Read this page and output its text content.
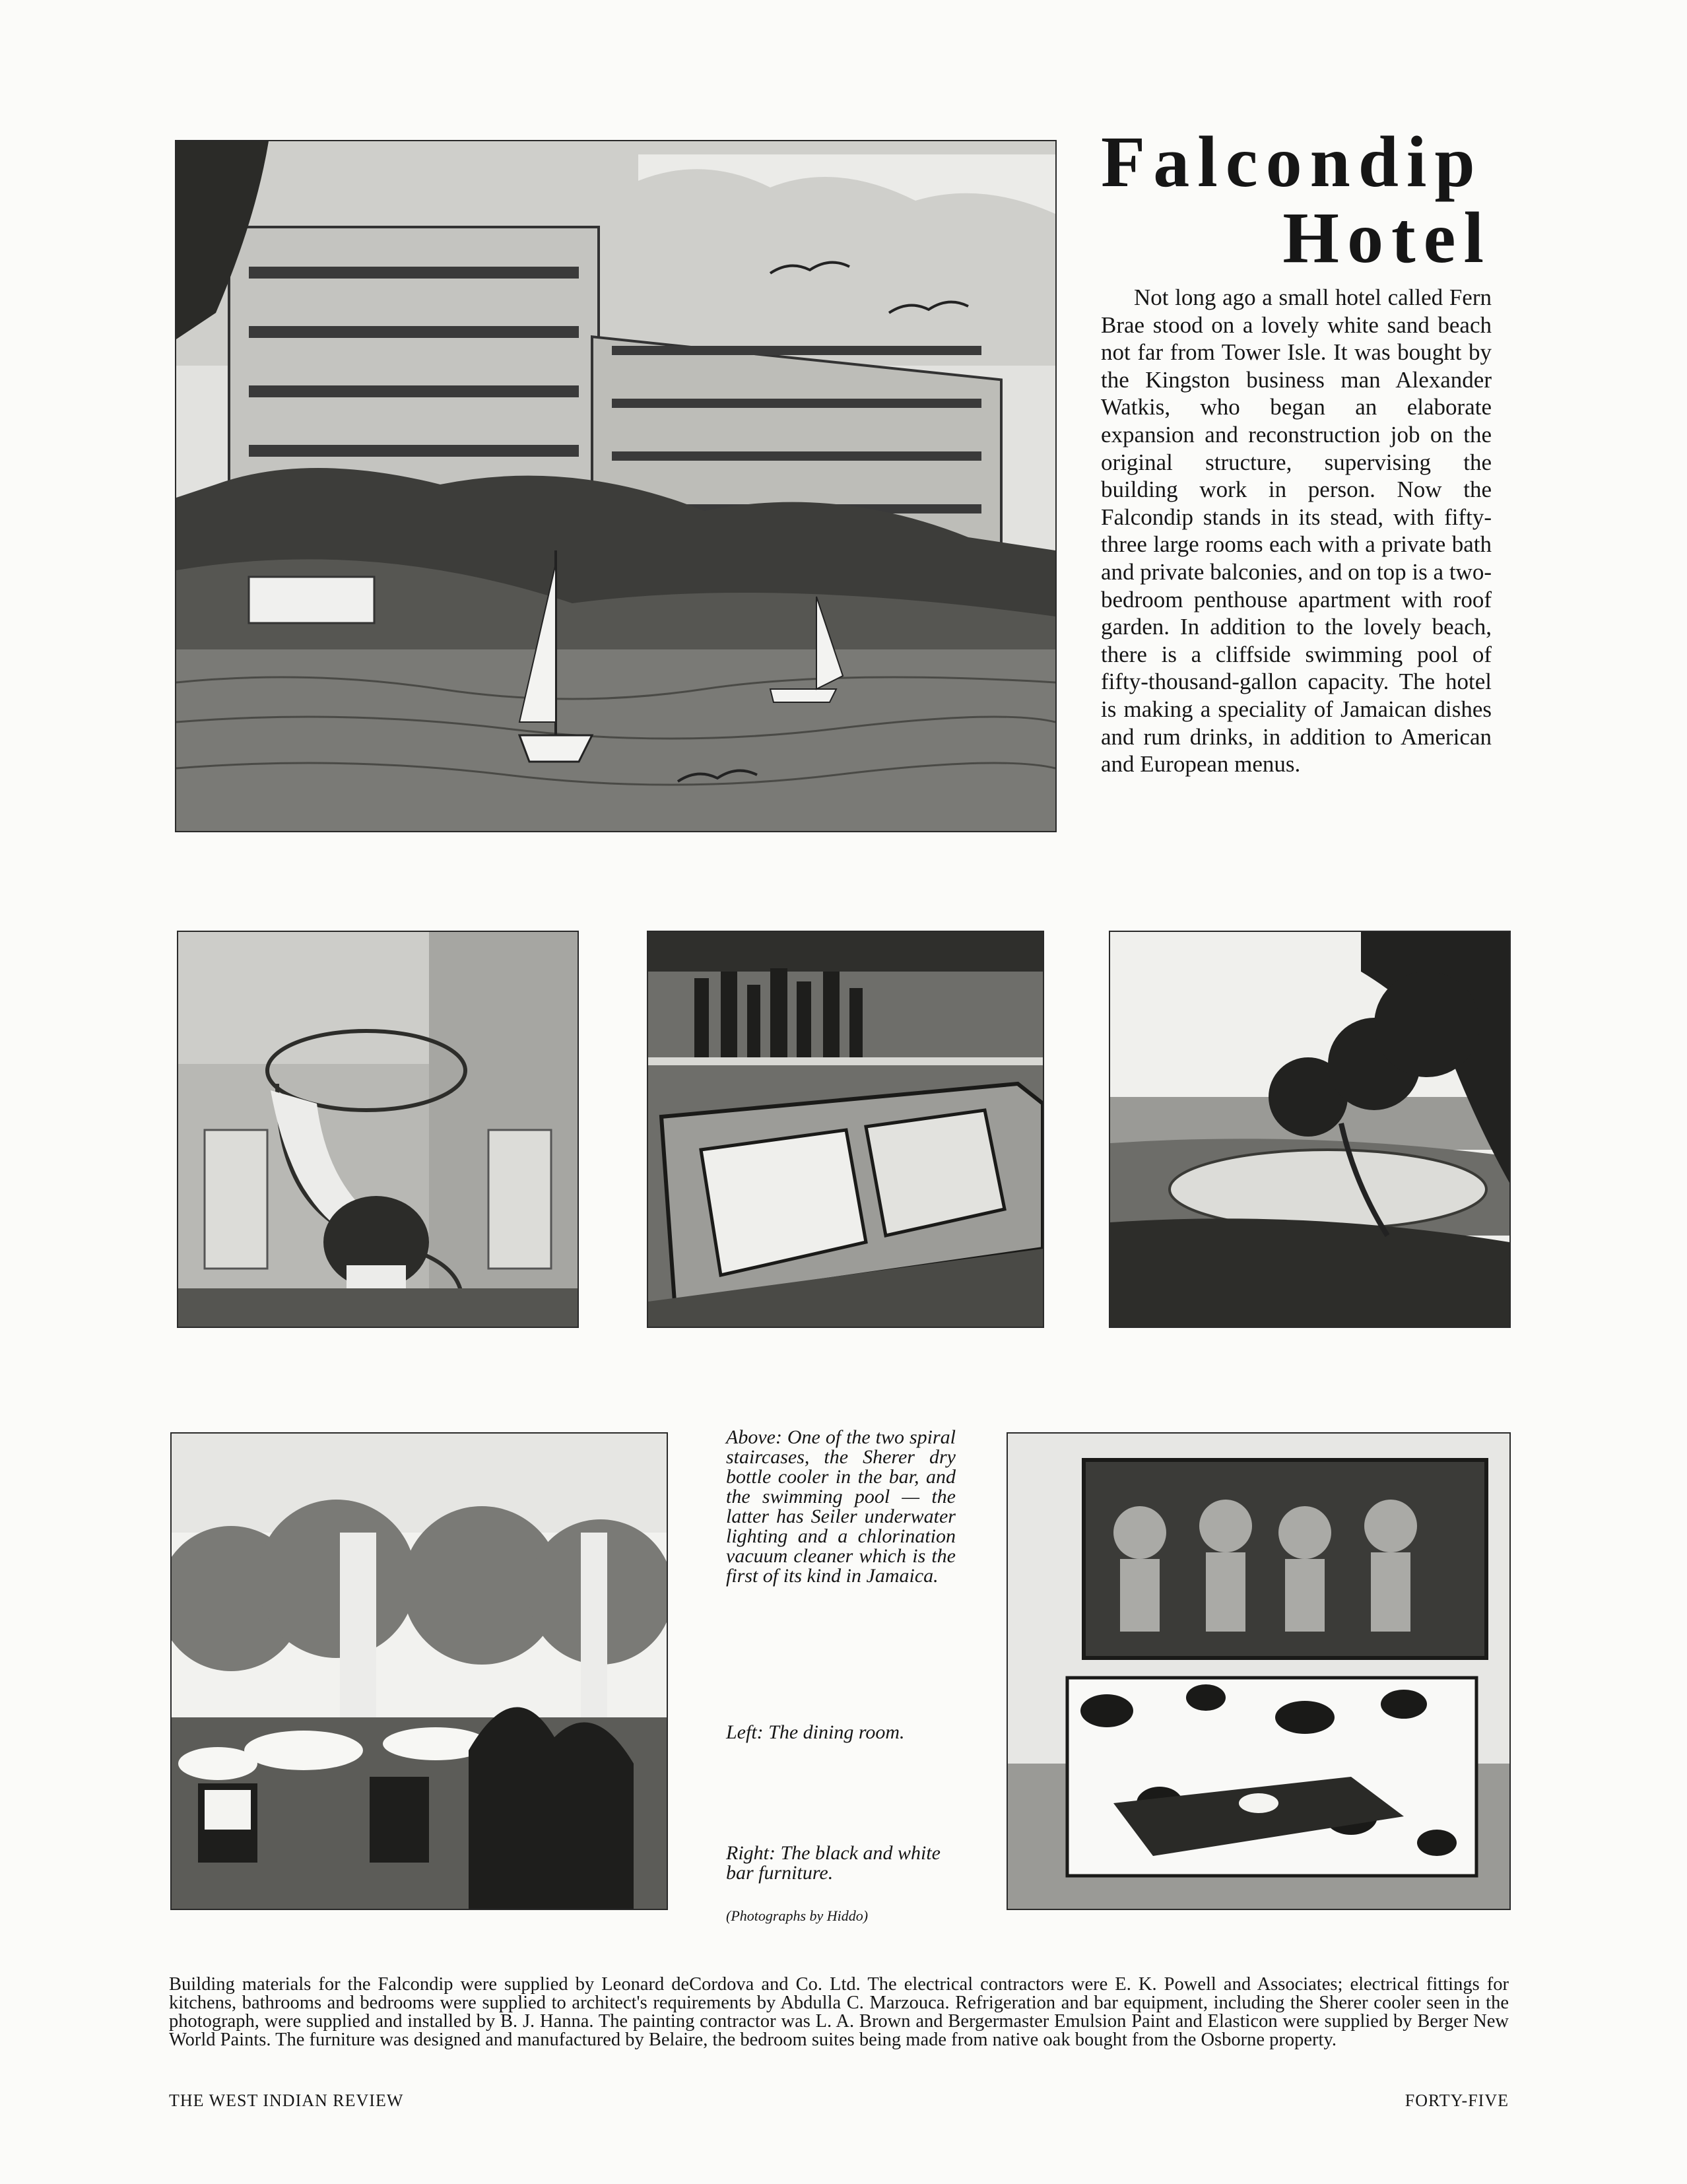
Falcondip
Hotel

Not long ago a small hotel called Fern Brae stood on a lovely white sand beach not far from Tower Isle. It was bought by the Kingston business man Alexander Watkis, who began an elaborate expansion and reconstruction job on the original structure, supervising the building work in person. Now the Falcondip stands in its stead, with fifty-three large rooms each with a private bath and private balconies, and on top is a two-bedroom penthouse apartment with roof garden. In addition to the lovely beach, there is a cliffside swimming pool of fifty-thousand-gallon capacity. The hotel is making a speciality of Jamaican dishes and rum drinks, in addition to American and European menus.

Above: One of the two spiral staircases, the Sherer dry bottle cooler in the bar, and the swimming pool — the latter has Seiler underwater lighting and a chlorination vacuum cleaner which is the first of its kind in Jamaica.

Left: The dining room.

Right: The black and white bar furniture.

(Photographs by Hiddo)

Building materials for the Falcondip were supplied by Leonard deCordova and Co. Ltd. The electrical contractors were E. K. Powell and Associates; electrical fittings for kitchens, bathrooms and bedrooms were supplied to architect's requirements by Abdulla C. Marzouca. Refrigeration and bar equipment, including the Sherer cooler seen in the photograph, were supplied and installed by B. J. Hanna. The painting contractor was L. A. Brown and Bergermaster Emulsion Paint and Elasticon were supplied by Berger New World Paints. The furniture was designed and manufactured by Belaire, the bedroom suites being made from native oak bought from the Osborne property.

THE WEST INDIAN REVIEW	FORTY-FIVE
